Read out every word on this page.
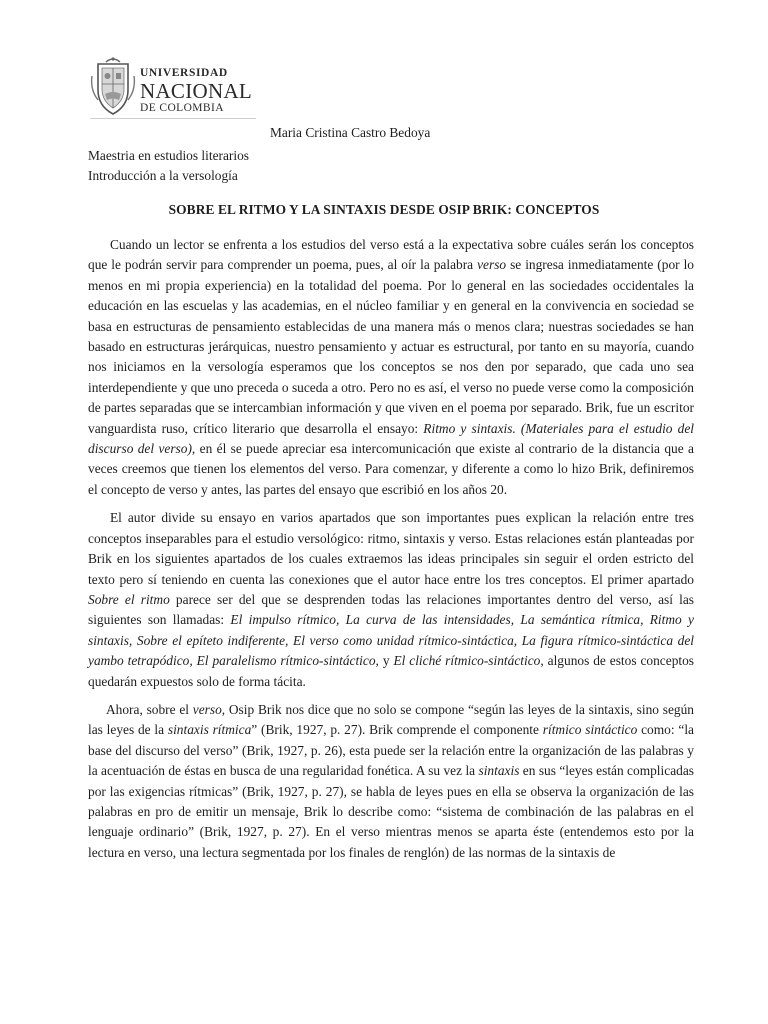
UNIVERSIDAD
NACIONAL
DE COLOMBIA
Maria Cristina Castro Bedoya
Maestria en estudios literarios
Introducción a la versología
SOBRE EL RITMO Y LA SINTAXIS DESDE OSIP BRIK: CONCEPTOS

Cuando un lector se enfrenta a los estudios del verso está a la expectativa sobre cuáles serán los conceptos que le podrán servir para comprender un poema, pues, al oír la palabra verso se ingresa inmediatamente (por lo menos en mi propia experiencia) en la totalidad del poema. Por lo general en las sociedades occidentales la educación en las escuelas y las academias, en el núcleo familiar y en general en la convivencia en sociedad se basa en estructuras de pensamiento establecidas de una manera más o menos clara; nuestras sociedades se han basado en estructuras jerárquicas, nuestro pensamiento y actuar es estructural, por tanto en su mayoría, cuando nos iniciamos en la versología esperamos que los conceptos se nos den por separado, que cada uno sea interdependiente y que uno preceda o suceda a otro. Pero no es así, el verso no puede verse como la composición de partes separadas que se intercambian información y que viven en el poema por separado. Brik, fue un escritor vanguardista ruso, crítico literario que desarrolla el ensayo: Ritmo y sintaxis. (Materiales para el estudio del discurso del verso), en él se puede apreciar esa intercomunicación que existe al contrario de la distancia que a veces creemos que tienen los elementos del verso. Para comenzar, y diferente a como lo hizo Brik, definiremos el concepto de verso y antes, las partes del ensayo que escribió en los años 20.

El autor divide su ensayo en varios apartados que son importantes pues explican la relación entre tres conceptos inseparables para el estudio versológico: ritmo, sintaxis y verso. Estas relaciones están planteadas por Brik en los siguientes apartados de los cuales extraemos las ideas principales sin seguir el orden estricto del texto pero sí teniendo en cuenta las conexiones que el autor hace entre los tres conceptos. El primer apartado Sobre el ritmo parece ser del que se desprenden todas las relaciones importantes dentro del verso, así las siguientes son llamadas: El impulso rítmico, La curva de las intensidades, La semántica rítmica, Ritmo y sintaxis, Sobre el epíteto indiferente, El verso como unidad rítmico-sintáctica, La figura rítmico-sintáctica del yambo tetrapódico, El paralelismo rítmico-sintáctico, y El cliché rítmico-sintáctico, algunos de estos conceptos quedarán expuestos solo de forma tácita.

Ahora, sobre el verso, Osip Brik nos dice que no solo se compone “según las leyes de la sintaxis, sino según las leyes de la sintaxis rítmica” (Brik, 1927, p. 27). Brik comprende el componente rítmico sintáctico como: “la base del discurso del verso” (Brik, 1927, p. 26), esta puede ser la relación entre la organización de las palabras y la acentuación de éstas en busca de una regularidad fonética. A su vez la sintaxis en sus “leyes están complicadas por las exigencias rítmicas” (Brik, 1927, p. 27), se habla de leyes pues en ella se observa la organización de las palabras en pro de emitir un mensaje, Brik lo describe como: “sistema de combinación de las palabras en el lenguaje ordinario” (Brik, 1927, p. 27). En el verso mientras menos se aparta éste (entendemos esto por la lectura en verso, una lectura segmentada por los finales de renglón) de las normas de la sintaxis de
